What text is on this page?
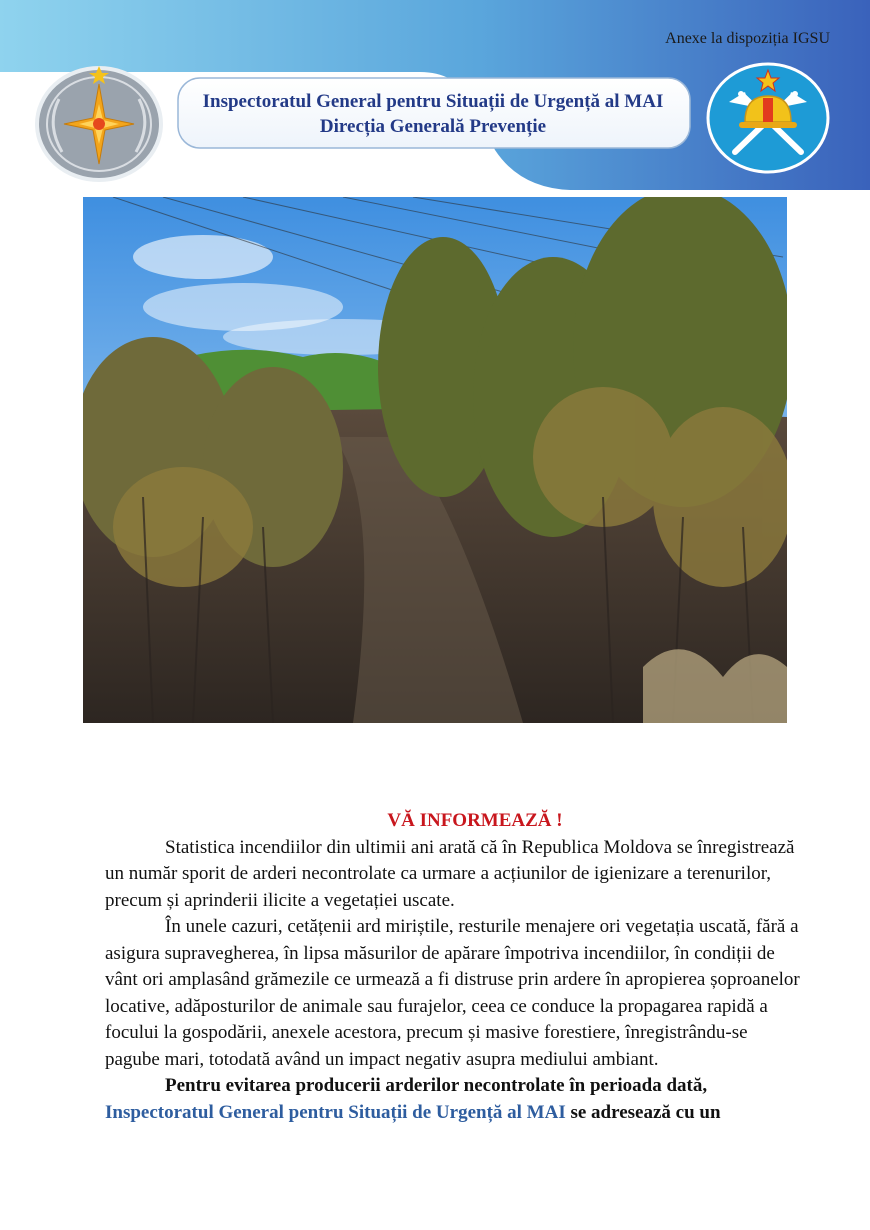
Anexe la dispoziția IGSU
Inspectoratul General pentru Situații de Urgență al MAI
Direcția Generală Prevenție

VĂ INFORMEAZĂ !

Statistica incendiilor din ultimii ani arată că în Republica Moldova se înregistrează un număr sporit de arderi necontrolate ca urmare a acțiunilor de igienizare a terenurilor, precum și aprinderii ilicite a vegetației uscate.

În unele cazuri, cetățenii ard miriștile, resturile menajere ori vegetația uscată, fără a asigura supravegherea, în lipsa măsurilor de apărare împotriva incendiilor, în condiții de vânt ori amplasând grămezile ce urmează a fi distruse prin ardere în apropierea șoproanelor locative, adăposturilor de animale sau furajelor, ceea ce conduce la propagarea rapidă a focului la gospodării, anexele acestora, precum și masive forestiere, înregistrându-se pagube mari, totodată având un impact negativ asupra mediului ambiant.

Pentru evitarea producerii arderilor necontrolate în perioada dată,

Inspectoratul General pentru Situații de Urgență al MAI se adresează cu un
